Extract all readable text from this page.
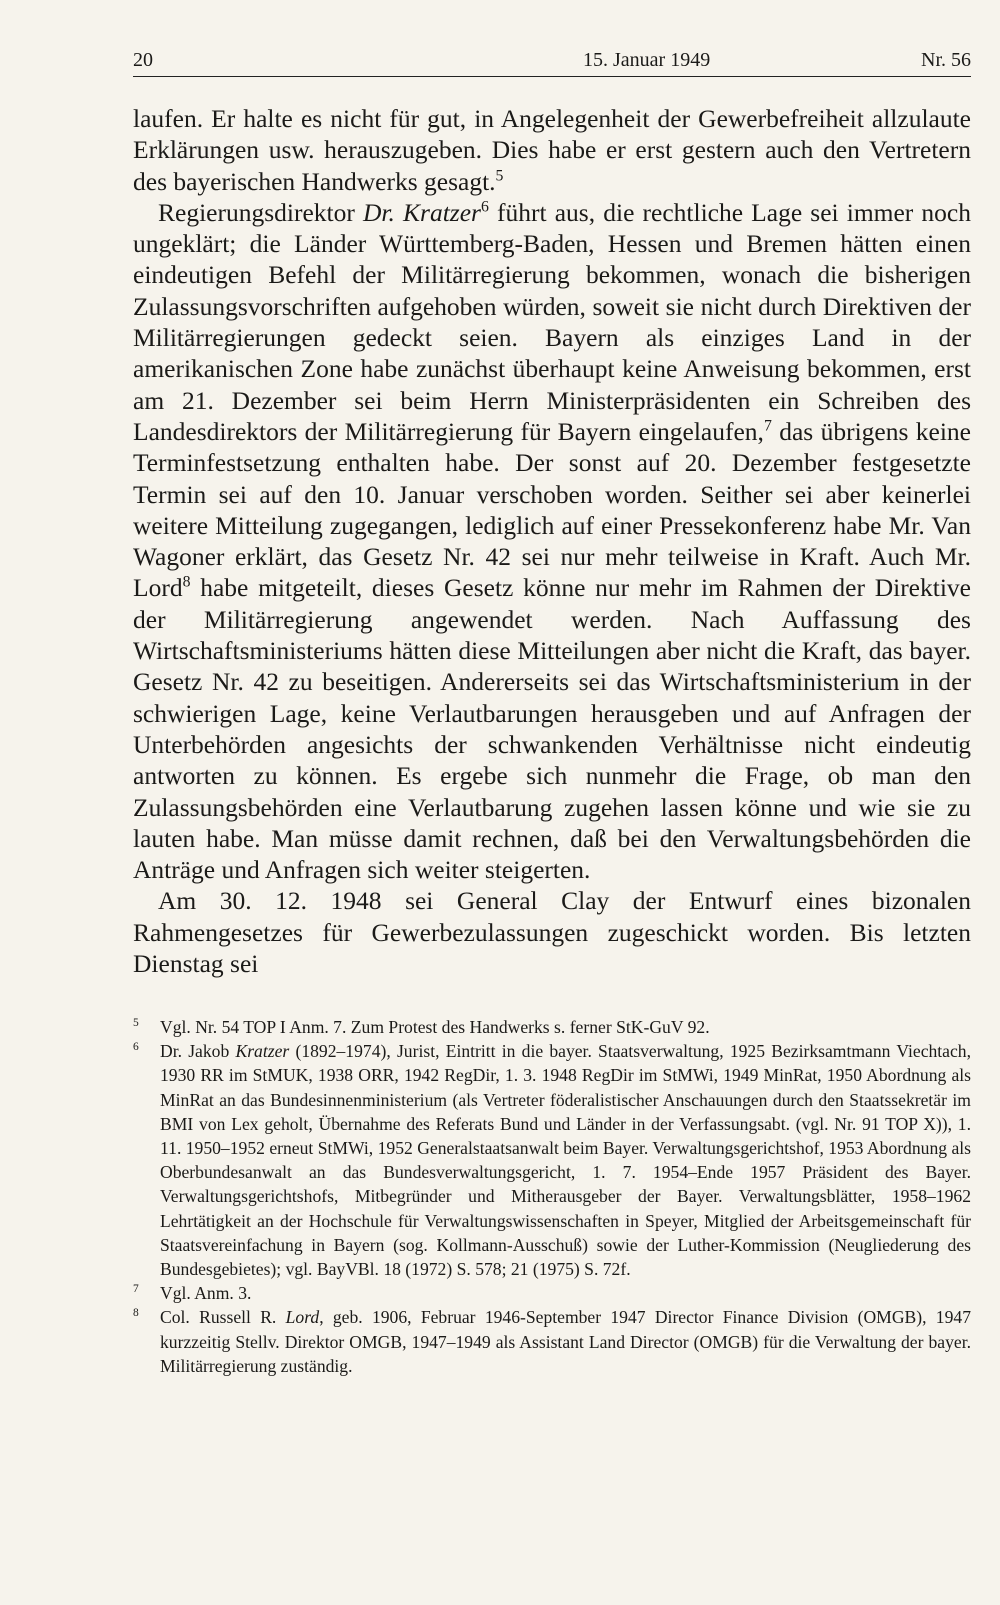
20	15. Januar 1949	Nr. 56

laufen. Er halte es nicht für gut, in Angelegenheit der Gewerbefreiheit allzulaute Erklärungen usw. herauszugeben. Dies habe er erst gestern auch den Vertretern des bayerischen Handwerks gesagt.$^5$

Regierungsdirektor Dr. Kratzer$^6$ führt aus, die rechtliche Lage sei immer noch ungeklärt; die Länder Württemberg-Baden, Hessen und Bremen hätten einen eindeutigen Befehl der Militärregierung bekommen, wonach die bisherigen Zulassungsvorschriften aufgehoben würden, soweit sie nicht durch Direktiven der Militärregierungen gedeckt seien. Bayern als einziges Land in der amerikanischen Zone habe zunächst überhaupt keine Anweisung bekommen, erst am 21. Dezember sei beim Herrn Ministerpräsidenten ein Schreiben des Landesdirektors der Militärregierung für Bayern eingelaufen,$^7$ das übrigens keine Terminfestsetzung enthalten habe. Der sonst auf 20. Dezember festgesetzte Termin sei auf den 10. Januar verschoben worden. Seither sei aber keinerlei weitere Mitteilung zugegangen, lediglich auf einer Pressekonferenz habe Mr. Van Wagoner erklärt, das Gesetz Nr. 42 sei nur mehr teilweise in Kraft. Auch Mr. Lord$^8$ habe mitgeteilt, dieses Gesetz könne nur mehr im Rahmen der Direktive der Militärregierung angewendet werden. Nach Auffassung des Wirtschaftsministeriums hätten diese Mitteilungen aber nicht die Kraft, das bayer. Gesetz Nr. 42 zu beseitigen. Andererseits sei das Wirtschaftsministerium in der schwierigen Lage, keine Verlautbarungen herausgeben und auf Anfragen der Unterbehörden angesichts der schwankenden Verhältnisse nicht eindeutig antworten zu können. Es ergebe sich nunmehr die Frage, ob man den Zulassungsbehörden eine Verlautbarung zugehen lassen könne und wie sie zu lauten habe. Man müsse damit rechnen, daß bei den Verwaltungsbehörden die Anträge und Anfragen sich weiter steigerten.

Am 30. 12. 1948 sei General Clay der Entwurf eines bizonalen Rahmengesetzes für Gewerbezulassungen zugeschickt worden. Bis letzten Dienstag sei

5 Vgl. Nr. 54 TOP I Anm. 7. Zum Protest des Handwerks s. ferner StK-GuV 92.

6 Dr. Jakob Kratzer (1892–1974), Jurist, Eintritt in die bayer. Staatsverwaltung, 1925 Bezirksamtmann Viechtach, 1930 RR im StMUK, 1938 ORR, 1942 RegDir, 1. 3. 1948 RegDir im StMWi, 1949 MinRat, 1950 Abordnung als MinRat an das Bundesinnenministerium (als Vertreter föderalistischer Anschauungen durch den Staatssekretär im BMI von Lex geholt, Übernahme des Referats Bund und Länder in der Verfassungsabt. (vgl. Nr. 91 TOP X)), 1. 11. 1950–1952 erneut StMWi, 1952 Generalstaatsanwalt beim Bayer. Verwaltungsgerichtshof, 1953 Abordnung als Oberbundesanwalt an das Bundesverwaltungsgericht, 1. 7. 1954–Ende 1957 Präsident des Bayer. Verwaltungsgerichtshofs, Mitbegründer und Mitherausgeber der Bayer. Verwaltungsblätter, 1958–1962 Lehrtätigkeit an der Hochschule für Verwaltungswissenschaften in Speyer, Mitglied der Arbeitsgemeinschaft für Staatsvereinfachung in Bayern (sog. Kollmann-Ausschuß) sowie der Luther-Kommission (Neugliederung des Bundesgebietes); vgl. BayVBl. 18 (1972) S. 578; 21 (1975) S. 72f.

7 Vgl. Anm. 3.

8 Col. Russell R. Lord, geb. 1906, Februar 1946-September 1947 Director Finance Division (OMGB), 1947 kurzzeitig Stellv. Direktor OMGB, 1947–1949 als Assistant Land Director (OMGB) für die Verwaltung der bayer. Militärregierung zuständig.
